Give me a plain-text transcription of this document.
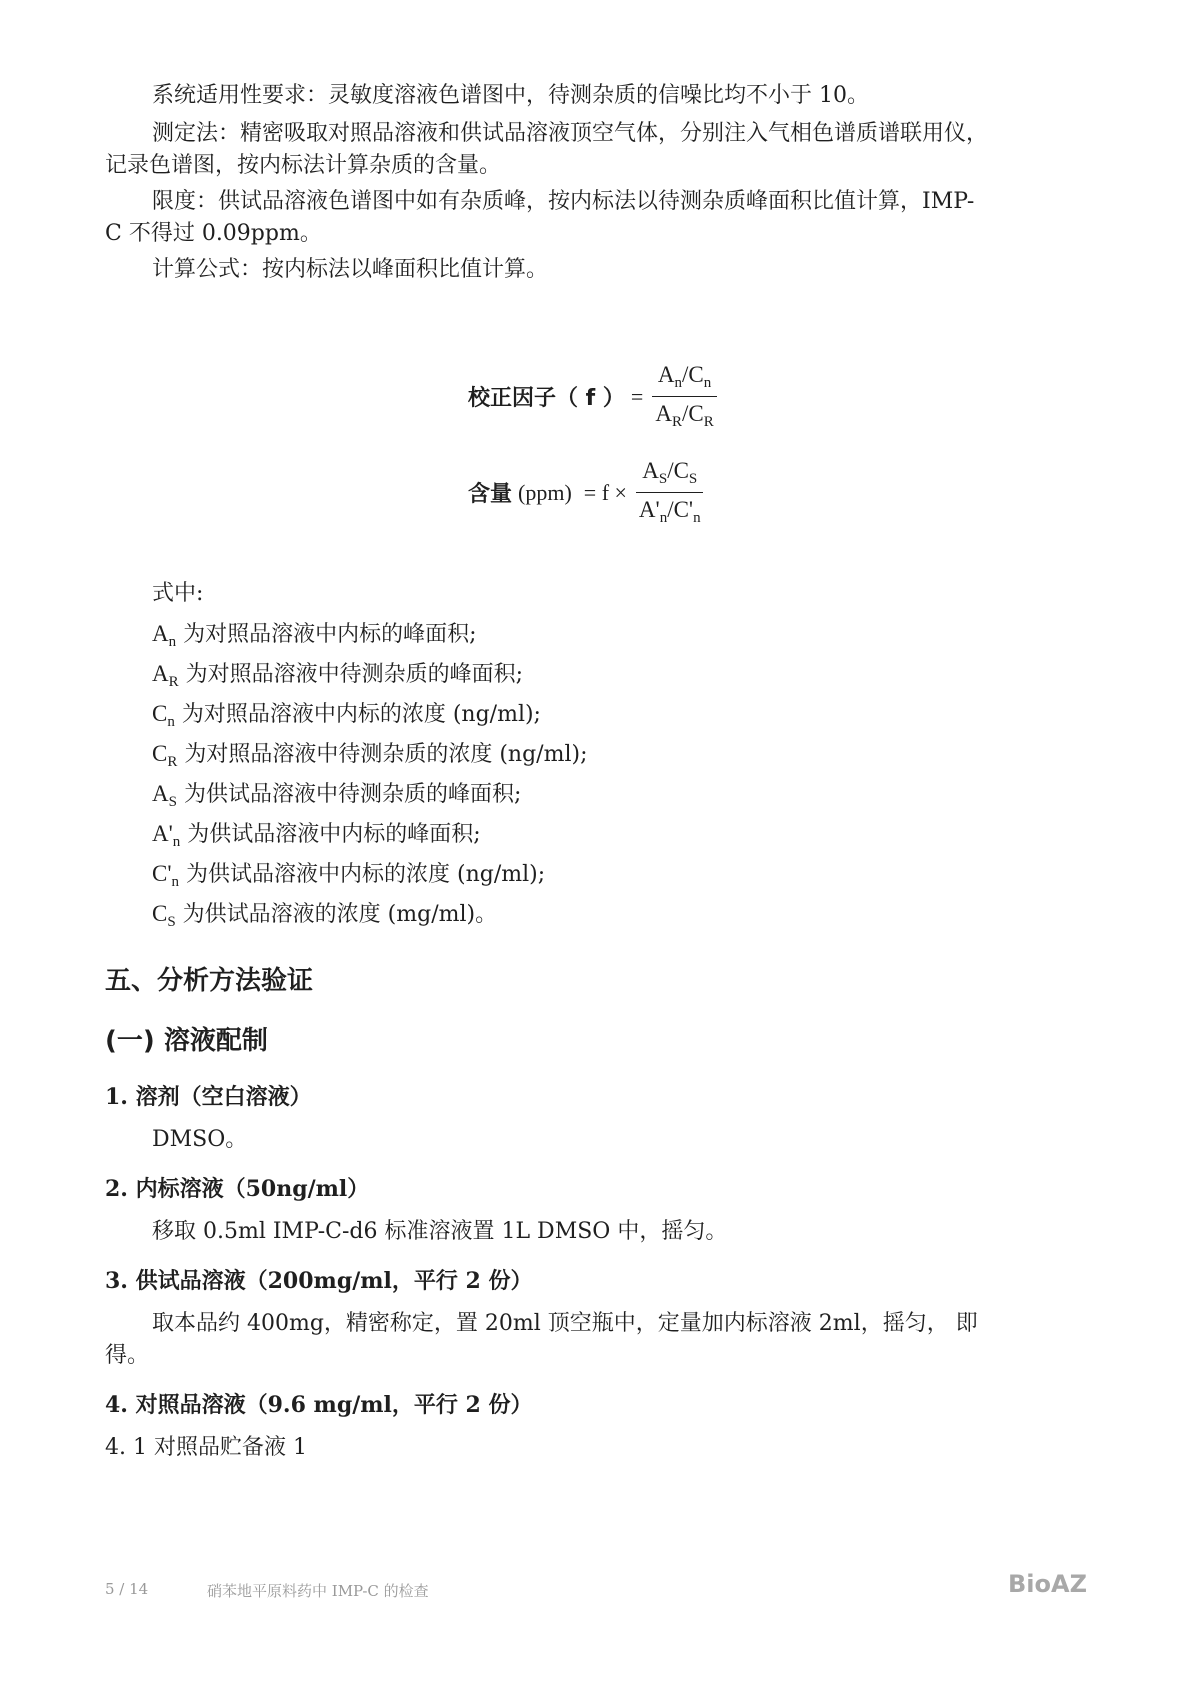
系统适用性要求：灵敏度溶液色谱图中，待测杂质的信噪比均不小于 10。
测定法：精密吸取对照品溶液和供试品溶液顶空气体，分别注入气相色谱质谱联用仪，
记录色谱图，按内标法计算杂质的含量。
限度：供试品溶液色谱图中如有杂质峰，按内标法以待测杂质峰面积比值计算，IMP-
C 不得过 0.09ppm。
计算公式：按内标法以峰面积比值计算。
校正因子（ f ） = $\frac{A_n/C_n}{A_R/C_R}$
含量 $(ppm) = f \times \frac{A_S/C_S}{A'_n/C'_n}$
式中:
$A_n$ 为对照品溶液中内标的峰面积;
$A_R$ 为对照品溶液中待测杂质的峰面积;
$C_n$ 为对照品溶液中内标的浓度 (ng/ml);
$C_R$ 为对照品溶液中待测杂质的浓度 (ng/ml);
$A_S$ 为供试品溶液中待测杂质的峰面积;
$A'_n$ 为供试品溶液中内标的峰面积;
$C'_n$ 为供试品溶液中内标的浓度 (ng/ml);
$C_S$ 为供试品溶液的浓度 (mg/ml)。
五、分析方法验证
(一) 溶液配制
1. 溶剂（空白溶液）
DMSO。
2. 内标溶液（50ng/ml）
移取 0.5ml IMP-C-d6 标准溶液置 1L DMSO 中，摇匀。
3. 供试品溶液（200mg/ml，平行 2 份）
取本品约 400mg，精密称定，置 20ml 顶空瓶中，定量加内标溶液 2ml，摇匀， 即
得。
4. 对照品溶液（9.6 mg/ml，平行 2 份）
4. 1 对照品贮备液 1
5 / 14	硝苯地平原料药中 IMP-C 的检查	BioAZ
